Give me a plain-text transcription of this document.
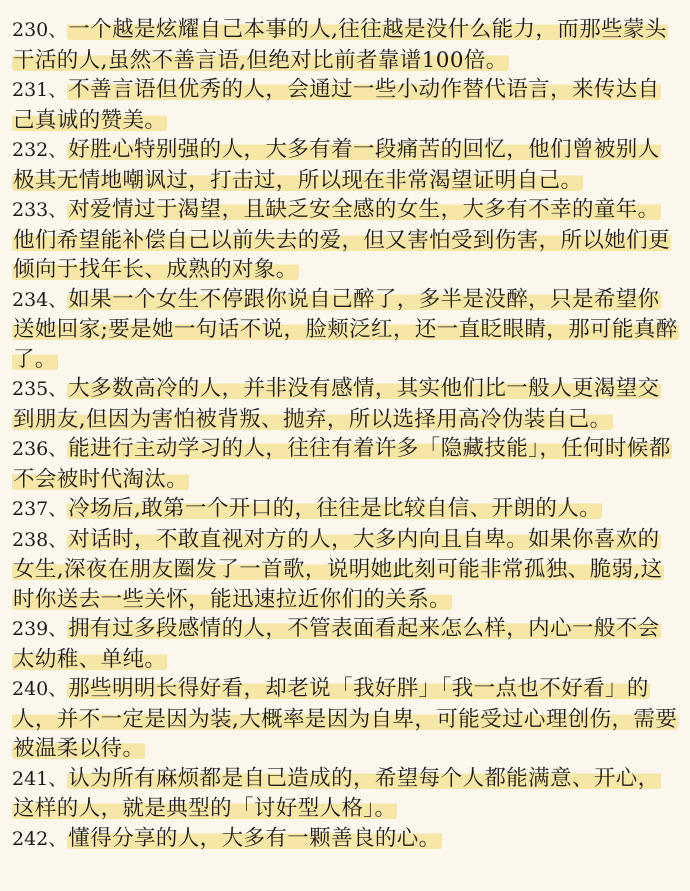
230、一个越是炫耀自己本事的人,往往越是没什么能力，而那些蒙头干活的人,虽然不善言语,但绝对比前者靠谱100倍。

231、不善言语但优秀的人，会通过一些小动作替代语言，来传达自己真诚的赞美。

232、好胜心特别强的人，大多有着一段痛苦的回忆，他们曾被别人极其无情地嘲讽过，打击过，所以现在非常渴望证明自己。

233、对爱情过于渴望，且缺乏安全感的女生，大多有不幸的童年。他们希望能补偿自己以前失去的爱，但又害怕受到伤害，所以她们更倾向于找年长、成熟的对象。

234、如果一个女生不停跟你说自己醉了，多半是没醉，只是希望你送她回家;要是她一句话不说，脸颊泛红，还一直眨眼睛，那可能真醉了。

235、大多数高冷的人，并非没有感情，其实他们比一般人更渴望交到朋友,但因为害怕被背叛、抛弃，所以选择用高冷伪装自己。

236、能进行主动学习的人，往往有着许多「隐藏技能」，任何时候都不会被时代淘汰。

237、冷场后,敢第一个开口的，往往是比较自信、开朗的人。

238、对话时，不敢直视对方的人，大多内向且自卑。如果你喜欢的女生,深夜在朋友圈发了一首歌，说明她此刻可能非常孤独、脆弱,这时你送去一些关怀，能迅速拉近你们的关系。

239、拥有过多段感情的人，不管表面看起来怎么样，内心一般不会太幼稚、单纯。

240、那些明明长得好看，却老说「我好胖」「我一点也不好看」的人，并不一定是因为装,大概率是因为自卑，可能受过心理创伤，需要被温柔以待。

241、认为所有麻烦都是自己造成的，希望每个人都能满意、开心，这样的人，就是典型的「讨好型人格」。

242、懂得分享的人，大多有一颗善良的心。
